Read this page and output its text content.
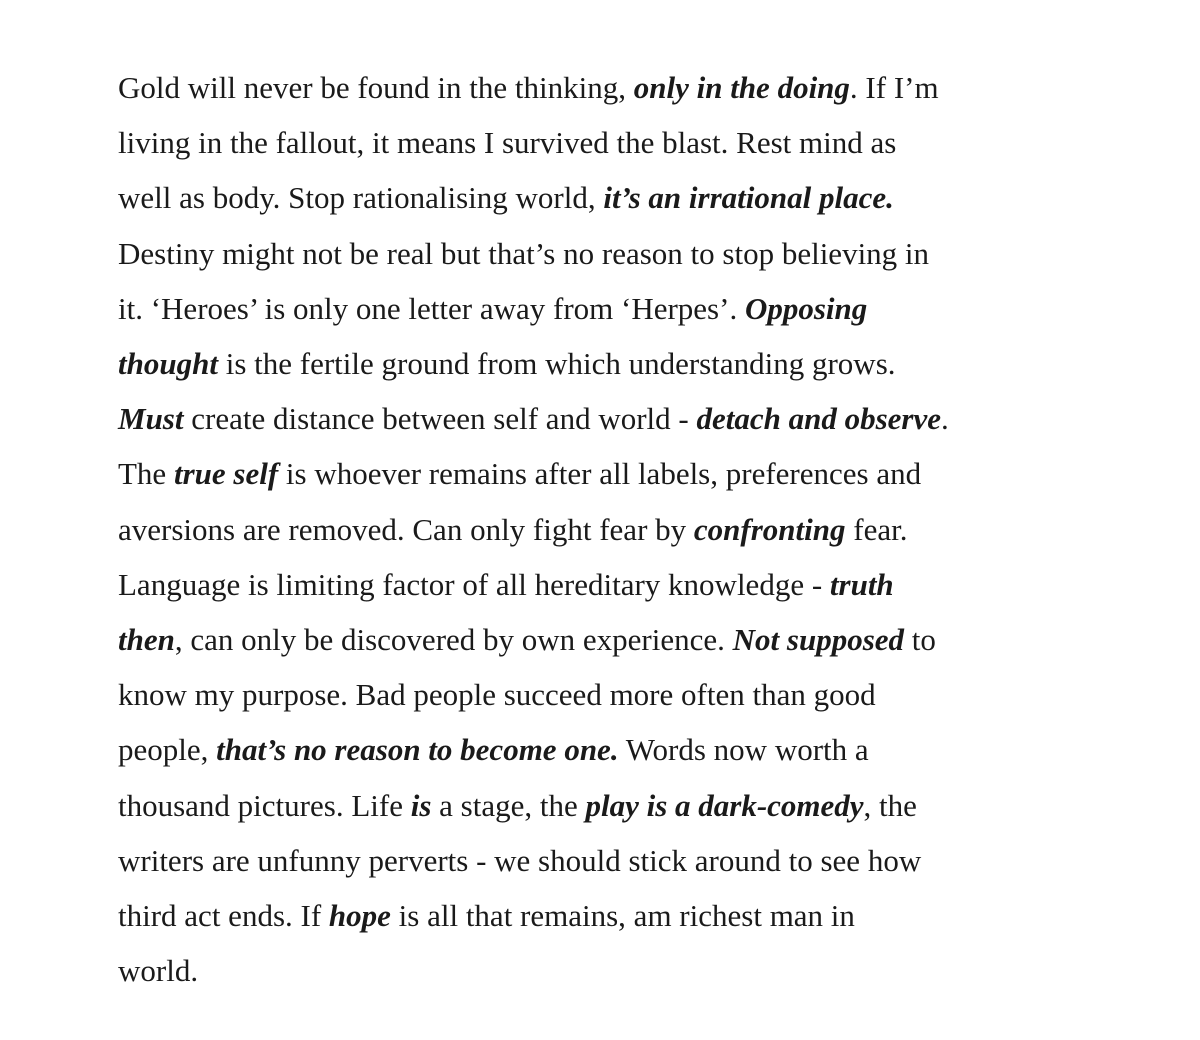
Gold will never be found in the thinking, only in the doing. If I’m
living in the fallout, it means I survived the blast. Rest mind as
well as body. Stop rationalising world, it’s an irrational place.
Destiny might not be real but that’s no reason to stop believing in
it. ‘Heroes’ is only one letter away from ‘Herpes’. Opposing
thought is the fertile ground from which understanding grows.
Must create distance between self and world - detach and observe.
The true self is whoever remains after all labels, preferences and
aversions are removed. Can only fight fear by confronting fear.
Language is limiting factor of all hereditary knowledge - truth
then, can only be discovered by own experience. Not supposed to
know my purpose. Bad people succeed more often than good
people, that’s no reason to become one. Words now worth a
thousand pictures. Life is a stage, the play is a dark-comedy, the
writers are unfunny perverts - we should stick around to see how
third act ends. If hope is all that remains, am richest man in
world.
